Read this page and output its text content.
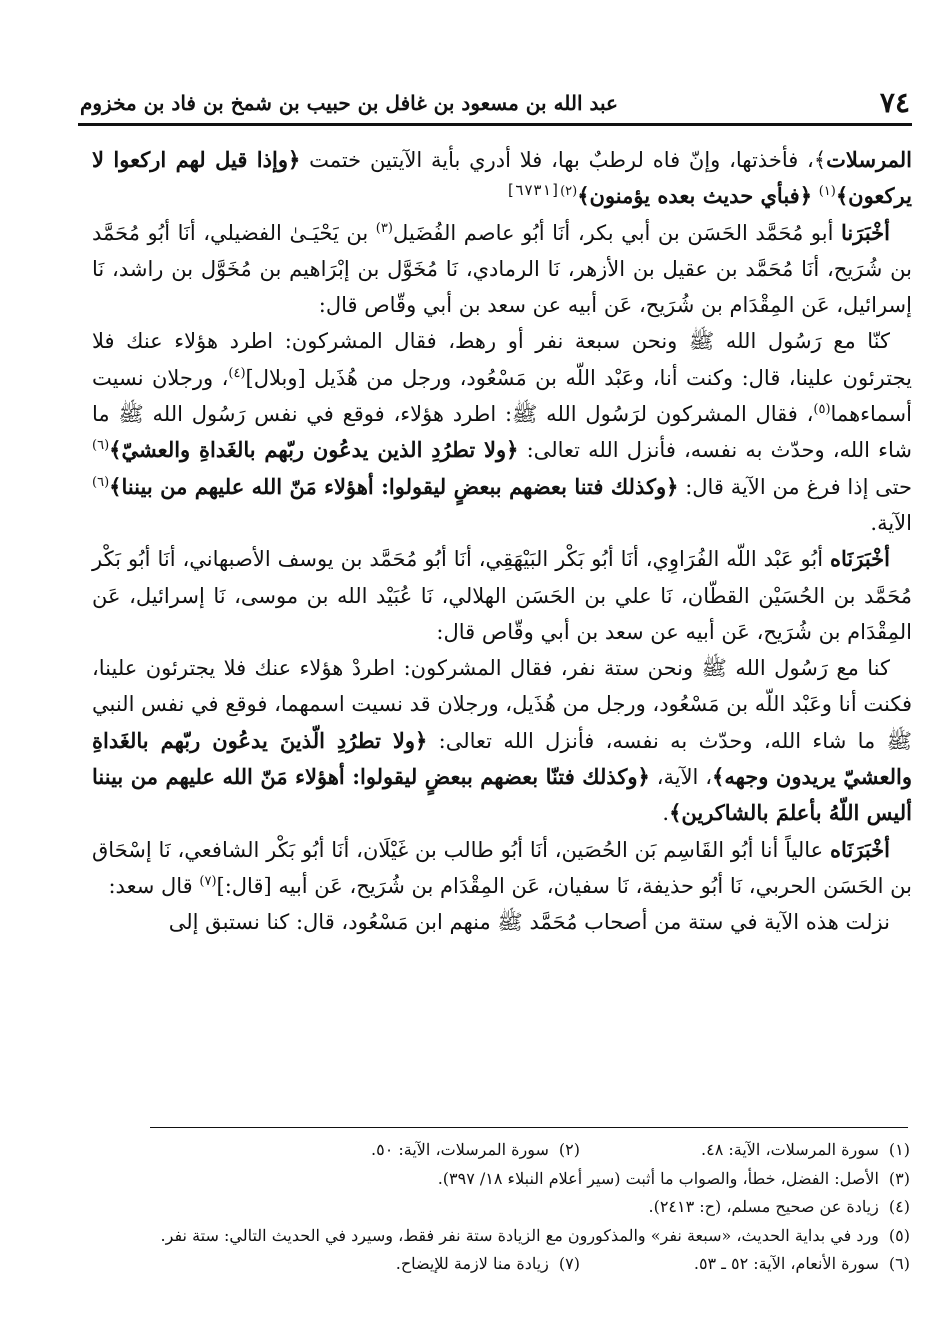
٧٤
عبد الله بن مسعود بن غافل بن حبيب بن شمخ بن فاد بن مخزوم

المرسلات﴾، فأخذتها، وإنّ فاه لرطبٌ بها، فلا أدري بأية الآيتين ختمت ﴿وإذا قيل لهم اركعوا لا يركعون﴾$^{(١)}$ ﴿فبأي حديث بعده يؤمنون﴾$^{(٢)[٦٧٣١]}$

أخْبَرَنا أبو مُحَمَّد الحَسَن بن أبي بكر، أنَا أبُو عاصم الفُضَيل$^{(٣)}$ بن يَحْيَـىٰ الفضيلي، أنَا أبُو مُحَمَّد بن شُرَيح، أنَا مُحَمَّد بن عقيل بن الأزهر، نَا الرمادي، نَا مُخَوَّل بن إبْرَاهيم بن مُخَوَّل بن راشد، نَا إسرائيل، عَن المِقْدَام بن شُرَيح، عَن أبيه عن سعد بن أبي وقّاص قال:

كنّا مع رَسُول الله ﷺ ونحن سبعة نفر أو رهط، فقال المشركون: اطرد هؤلاء عنك فلا يجترئون علينا، قال: وكنت أنا، وعَبْد اللّه بن مَسْعُود، ورجل من هُذَيل [وبلال]$^{(٤)}$، ورجلان نسيت أسماءهما$^{(٥)}$، فقال المشركون لرَسُول الله ﷺ: اطرد هؤلاء، فوقع في نفس رَسُول الله ﷺ ما شاء الله، وحدّث به نفسه، فأنزل الله تعالى: ﴿ولا تطرُدِ الذين يدعُون ربّهم بالغَداةِ والعشيّ﴾$^{(٦)}$ حتى إذا فرغ من الآية قال: ﴿وكذلك فتنا بعضهم ببعضٍ ليقولوا: أهؤلاء مَنّ الله عليهم من بيننا﴾$^{(٦)}$ الآية.

أخْبَرَنَاه أبُو عَبْد اللّه الفُرَاوِي، أنَا أبُو بَكْر البَيْهَقِي، أنَا أبُو مُحَمَّد بن يوسف الأصبهاني، أنَا أبُو بَكْر مُحَمَّد بن الحُسَيْن القطّان، نَا علي بن الحَسَن الهلالي، نَا عُبَيْد الله بن موسى، نَا إسرائيل، عَن المِقْدَام بن شُرَيح، عَن أبيه عن سعد بن أبي وقّاص قال:

كنا مع رَسُول الله ﷺ ونحن ستة نفر، فقال المشركون: اطردْ هؤلاء عنك فلا يجترئون علينا، فكنت أنا وعَبْد اللّه بن مَسْعُود، ورجل من هُذَيل، ورجلان قد نسيت اسمهما، فوقع في نفس النبي ﷺ ما شاء الله، وحدّث به نفسه، فأنزل الله تعالى: ﴿ولا تطرُدِ الّذينَ يدعُون ربّهم بالغَداةِ والعشيّ يريدون وجهه﴾، الآية، ﴿وكذلك فتنّا بعضهم ببعضٍ ليقولوا: أهؤلاء مَنّ الله عليهم من بيننا أليس اللّهُ بأعلمَ بالشاكرين﴾.

أخْبَرَنَاه عالياً أنا أبُو القَاسِم بَن الحُصَين، أنَا أبُو طالب بن غَيْلَان، أنَا أبُو بَكْر الشافعي، نَا إسْحَاق بن الحَسَن الحربي، نَا أبُو حذيفة، نَا سفيان، عَن المِقْدَام بن شُرَيح، عَن أبيه [قال:]$^{(٧)}$ قال سعد:

نزلت هذه الآية في ستة من أصحاب مُحَمَّد ﷺ منهم ابن مَسْعُود، قال: كنا نستبق إلى

(١)سورة المرسلات، الآية: ٤٨.
(٢)سورة المرسلات، الآية: ٥٠.
(٣)الأصل: الفضل، خطأ، والصواب ما أثبت (سير أعلام النبلاء ١٨/ ٣٩٧).
(٤)زيادة عن صحيح مسلم، (ح: ٢٤١٣).
(٥)ورد في بداية الحديث، «سبعة نفر» والمذكورون مع الزيادة ستة نفر فقط، وسيرد في الحديث التالي: ستة نفر.
(٦)سورة الأنعام، الآية: ٥٢ ـ ٥٣.
(٧)زيادة منا لازمة للإيضاح.
